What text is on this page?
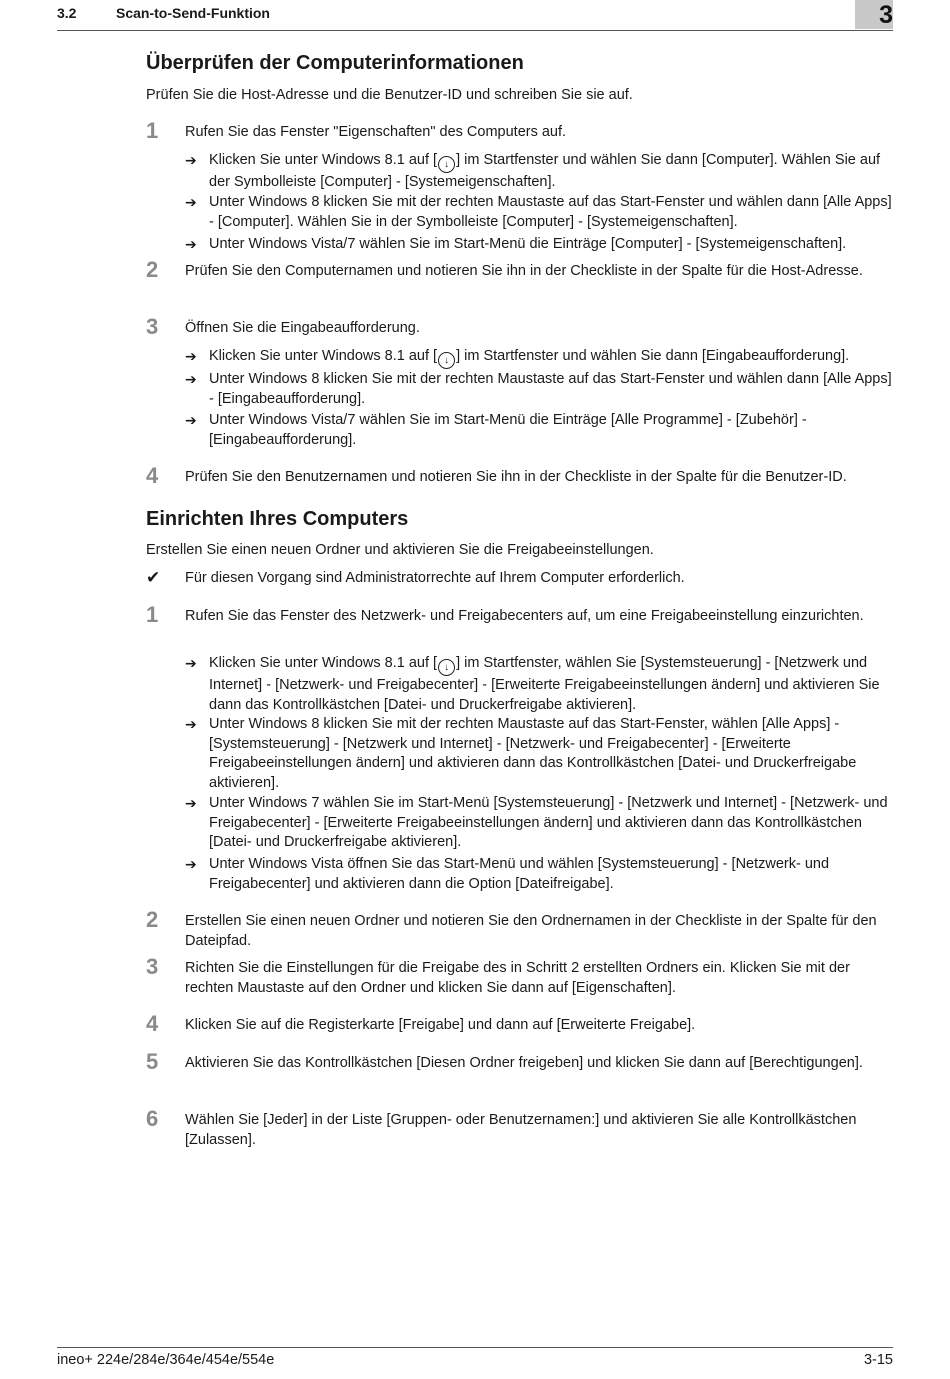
3.2	Scan-to-Send-Funktion	3
Überprüfen der Computerinformationen

Prüfen Sie die Host-Adresse und die Benutzer-ID und schreiben Sie sie auf.

1 Rufen Sie das Fenster "Eigenschaften" des Computers auf.
➔ Klicken Sie unter Windows 8.1 auf [ ↓ ] im Startfenster und wählen Sie dann [Computer]. Wählen Sie auf der Symbolleiste [Computer] - [Systemeigenschaften].
➔ Unter Windows 8 klicken Sie mit der rechten Maustaste auf das Start-Fenster und wählen dann [Alle Apps] - [Computer]. Wählen Sie in der Symbolleiste [Computer] - [Systemeigenschaften].
➔ Unter Windows Vista/7 wählen Sie im Start-Menü die Einträge [Computer] - [Systemeigenschaften].
2 Prüfen Sie den Computernamen und notieren Sie ihn in der Checkliste in der Spalte für die Host-Adresse.
3 Öffnen Sie die Eingabeaufforderung.
➔ Klicken Sie unter Windows 8.1 auf [ ↓ ] im Startfenster und wählen Sie dann [Eingabeaufforderung].
➔ Unter Windows 8 klicken Sie mit der rechten Maustaste auf das Start-Fenster und wählen dann [Alle Apps] - [Eingabeaufforderung].
➔ Unter Windows Vista/7 wählen Sie im Start-Menü die Einträge [Alle Programme] - [Zubehör] - [Eingabeaufforderung].
4 Prüfen Sie den Benutzernamen und notieren Sie ihn in der Checkliste in der Spalte für die Benutzer-ID.
Einrichten Ihres Computers

Erstellen Sie einen neuen Ordner und aktivieren Sie die Freigabeeinstellungen.

✔ Für diesen Vorgang sind Administratorrechte auf Ihrem Computer erforderlich.
1 Rufen Sie das Fenster des Netzwerk- und Freigabecenters auf, um eine Freigabeeinstellung einzurichten.
➔ Klicken Sie unter Windows 8.1 auf [ ↓ ] im Startfenster, wählen Sie [Systemsteuerung] - [Netzwerk und Internet] - [Netzwerk- und Freigabecenter] - [Erweiterte Freigabeeinstellungen ändern] und aktivieren Sie dann das Kontrollkästchen [Datei- und Druckerfreigabe aktivieren].
➔ Unter Windows 8 klicken Sie mit der rechten Maustaste auf das Start-Fenster, wählen [Alle Apps] - [Systemsteuerung] - [Netzwerk und Internet] - [Netzwerk- und Freigabecenter] - [Erweiterte Freigabeeinstellungen ändern] und aktivieren dann das Kontrollkästchen [Datei- und Druckerfreigabe aktivieren].
➔ Unter Windows 7 wählen Sie im Start-Menü [Systemsteuerung] - [Netzwerk und Internet] - [Netzwerk- und Freigabecenter] - [Erweiterte Freigabeeinstellungen ändern] und aktivieren dann das Kontrollkästchen [Datei- und Druckerfreigabe aktivieren].
➔ Unter Windows Vista öffnen Sie das Start-Menü und wählen [Systemsteuerung] - [Netzwerk- und Freigabecenter] und aktivieren dann die Option [Dateifreigabe].
2 Erstellen Sie einen neuen Ordner und notieren Sie den Ordnernamen in der Checkliste in der Spalte für den Dateipfad.
3 Richten Sie die Einstellungen für die Freigabe des in Schritt 2 erstellten Ordners ein. Klicken Sie mit der rechten Maustaste auf den Ordner und klicken Sie dann auf [Eigenschaften].
4 Klicken Sie auf die Registerkarte [Freigabe] und dann auf [Erweiterte Freigabe].
5 Aktivieren Sie das Kontrollkästchen [Diesen Ordner freigeben] und klicken Sie dann auf [Berechtigungen].
6 Wählen Sie [Jeder] in der Liste [Gruppen- oder Benutzernamen:] und aktivieren Sie alle Kontrollkästchen [Zulassen].
ineo+ 224e/284e/364e/454e/554e	3-15
